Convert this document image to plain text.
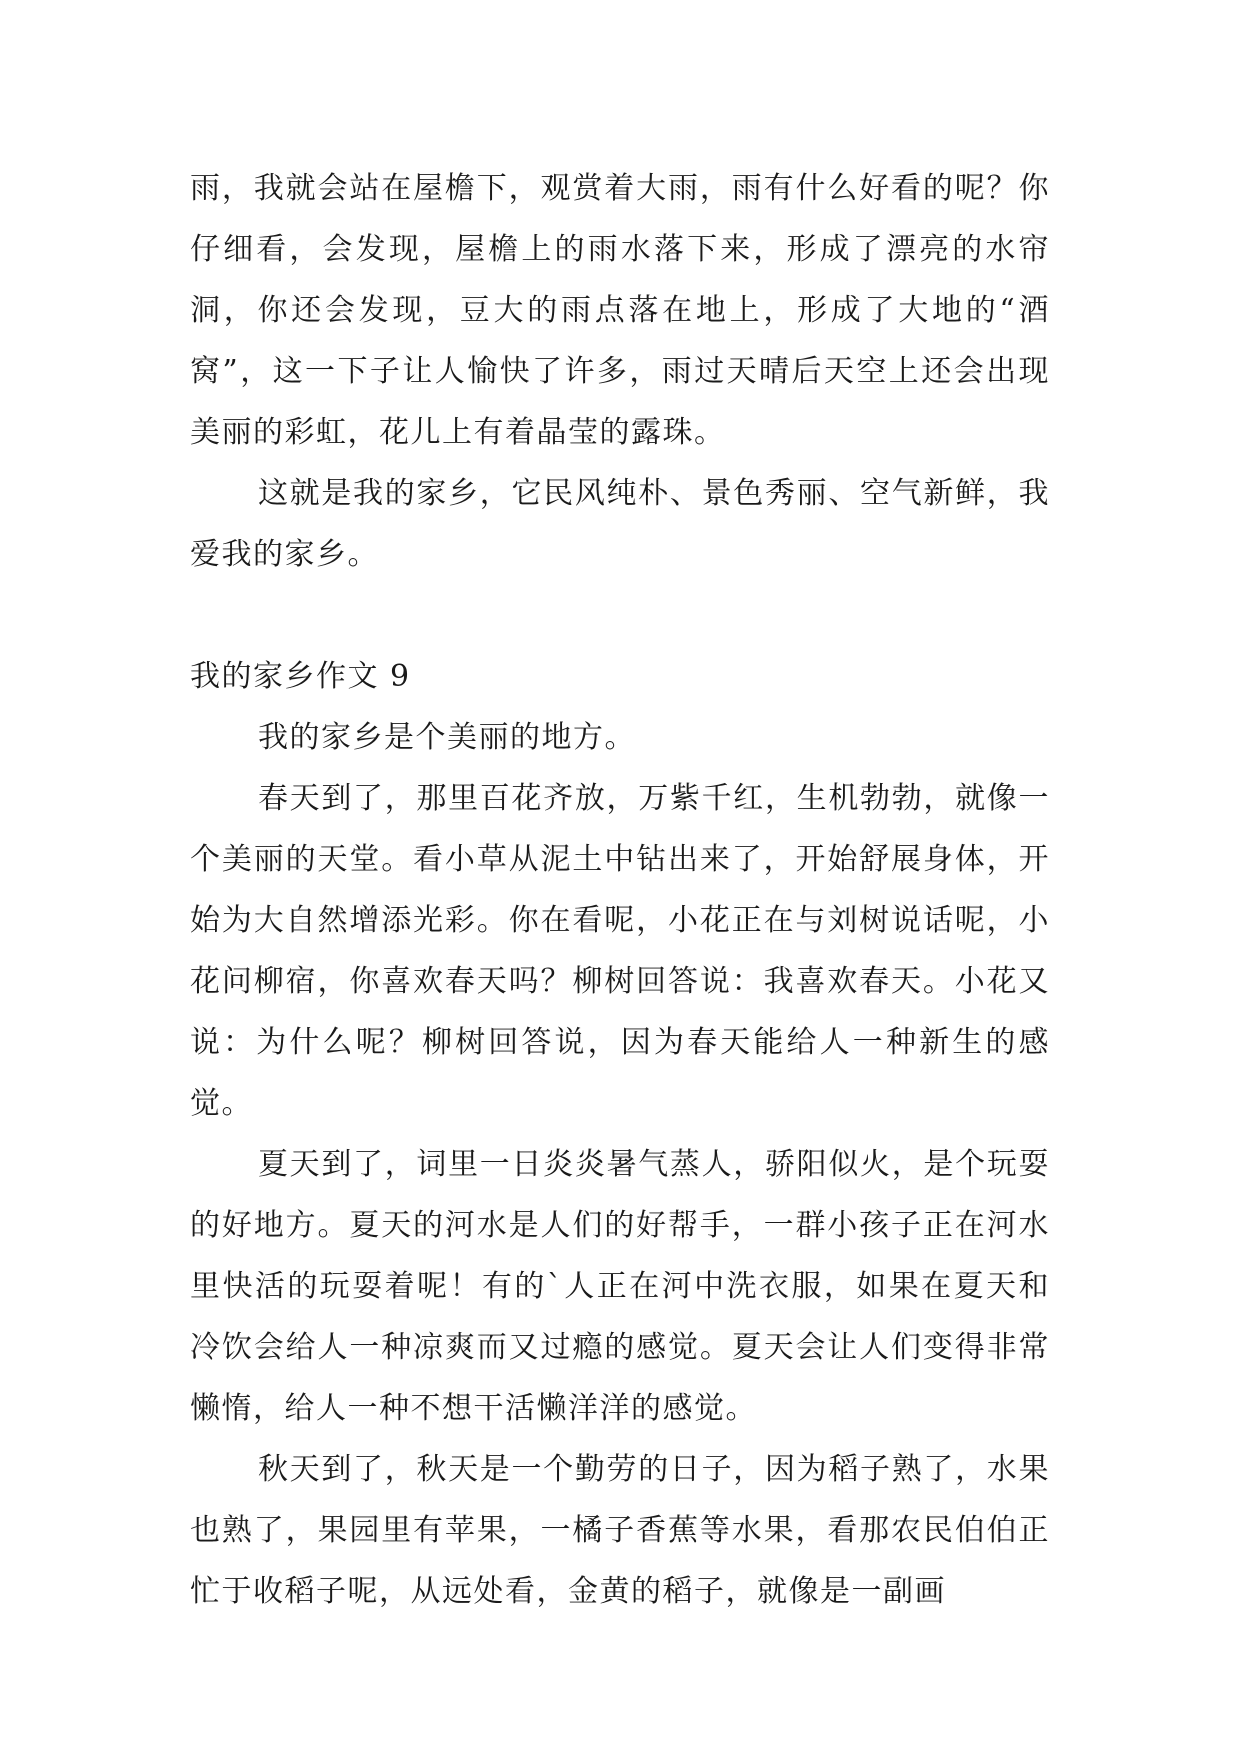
雨，我就会站在屋檐下，观赏着大雨，雨有什么好看的呢？你仔细看，会发现，屋檐上的雨水落下来，形成了漂亮的水帘洞，你还会发现，豆大的雨点落在地上，形成了大地的“酒窝”，这一下子让人愉快了许多，雨过天晴后天空上还会出现美丽的彩虹，花儿上有着晶莹的露珠。

这就是我的家乡，它民风纯朴、景色秀丽、空气新鲜，我爱我的家乡。

我的家乡作文 9

我的家乡是个美丽的地方。

春天到了，那里百花齐放，万紫千红，生机勃勃，就像一个美丽的天堂。看小草从泥土中钻出来了，开始舒展身体，开始为大自然增添光彩。你在看呢，小花正在与刘树说话呢，小花问柳宿，你喜欢春天吗？柳树回答说：我喜欢春天。小花又说：为什么呢？柳树回答说，因为春天能给人一种新生的感觉。

夏天到了，词里一日炎炎暑气蒸人，骄阳似火，是个玩耍的好地方。夏天的河水是人们的好帮手，一群小孩子正在河水里快活的玩耍着呢！有的`人正在河中洗衣服，如果在夏天和冷饮会给人一种凉爽而又过瘾的感觉。夏天会让人们变得非常懒惰，给人一种不想干活懒洋洋的感觉。

秋天到了，秋天是一个勤劳的日子，因为稻子熟了，水果也熟了，果园里有苹果，一橘子香蕉等水果，看那农民伯伯正忙于收稻子呢，从远处看，金黄的稻子，就像是一副画
